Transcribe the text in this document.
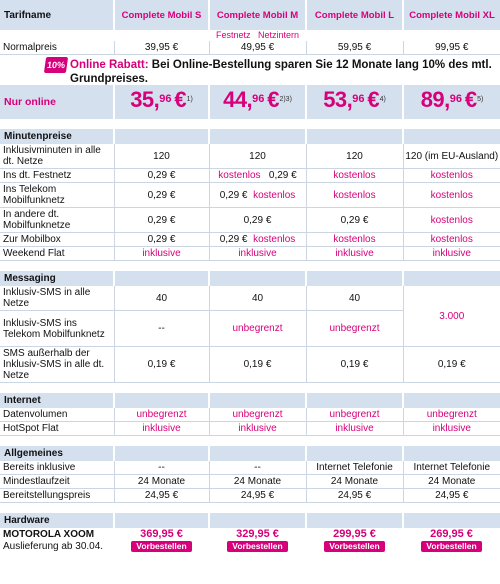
Tarifname	Complete Mobil S	Complete Mobil M	Complete Mobil L	Complete Mobil XL
		Festnetz Netzintern		
Normalpreis	39,95 €	49,95 €	59,95 €	99,95 €

10% Online Rabatt: Bei Online-Bestellung sparen Sie 12 Monate lang 10% des mtl. Grundpreises.				

Nur online	35,96 €$^{1)}$	44,96 €$^{2)3)}$	53,96 €$^{4)}$	89,96 €$^{5)}$

Minutenpreise				
Inklusivminuten in alle dt. Netze	120	120	120	120 (im EU-Ausland)
Ins dt. Festnetz	0,29 €	kostenlos 0,29 €	kostenlos	kostenlos
Ins Telekom Mobilfunknetz	0,29 €	0,29 € kostenlos	kostenlos	kostenlos
In andere dt. Mobilfunknetze	0,29 €	0,29 €	0,29 €	kostenlos
Zur Mobilbox	0,29 €	0,29 € kostenlos	kostenlos	kostenlos
Weekend Flat	inklusive	inklusive	inklusive	inklusive

Messaging				
Inklusiv-SMS in alle Netze	40	40	40	3.000
Inklusiv-SMS ins Telekom Mobilfunknetz	--	unbegrenzt	unbegrenzt	
SMS außerhalb der Inklusiv-SMS in alle dt. Netze	0,19 €	0,19 €	0,19 €	0,19 €

Internet				
Datenvolumen	unbegrenzt	unbegrenzt	unbegrenzt	unbegrenzt
HotSpot Flat	inklusive	inklusive	inklusive	inklusive

Allgemeines				
Bereits inklusive	--	--	Internet Telefonie	Internet Telefonie
Mindestlaufzeit	24 Monate	24 Monate	24 Monate	24 Monate
Bereitstellungspreis	24,95 €	24,95 €	24,95 €	24,95 €

Hardware				
MOTOROLA XOOM	369,95 €	329,95 €	299,95 €	269,95 €
Auslieferung ab 30.04.	Vorbestellen	Vorbestellen	Vorbestellen	Vorbestellen
